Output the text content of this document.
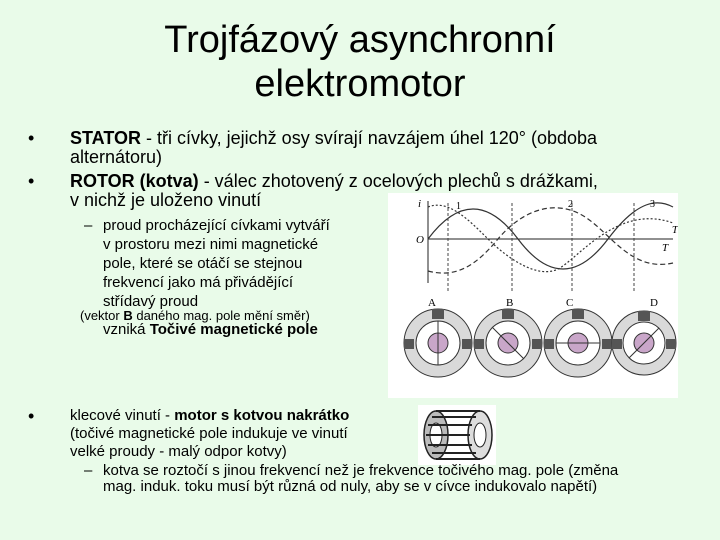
Trojfázový asynchronní
elektromotor
• STATOR - tři cívky, jejichž osy svírají navzájem úhel 120° (obdoba
alternátoru)
• ROTOR (kotva) - válec zhotovený z ocelových plechů s drážkami,
v nichž je uloženo vinutí	i
O
T
T
1	2	3
A	B	C	D
– proud procházející cívkami vytváří
v prostoru mezi nimi magnetické
pole, které se otáčí se stejnou
frekvencí jako má přiváděјící
střídavý proud
(vektor B daného mag. pole mění směr)
vzniká Točivé magnetické pole
• klecové vinutí - motor s kotvou nakrátko
(točivé magnetické pole indukuje ve vinutí
velké proudy - malý odpor kotvy)
– kotva se roztočí s jinou frekvencí než je frekvence točivého mag. pole (změna
mag. induk. toku musí být různá od nuly, aby se v cívce indukovalo napětí)
